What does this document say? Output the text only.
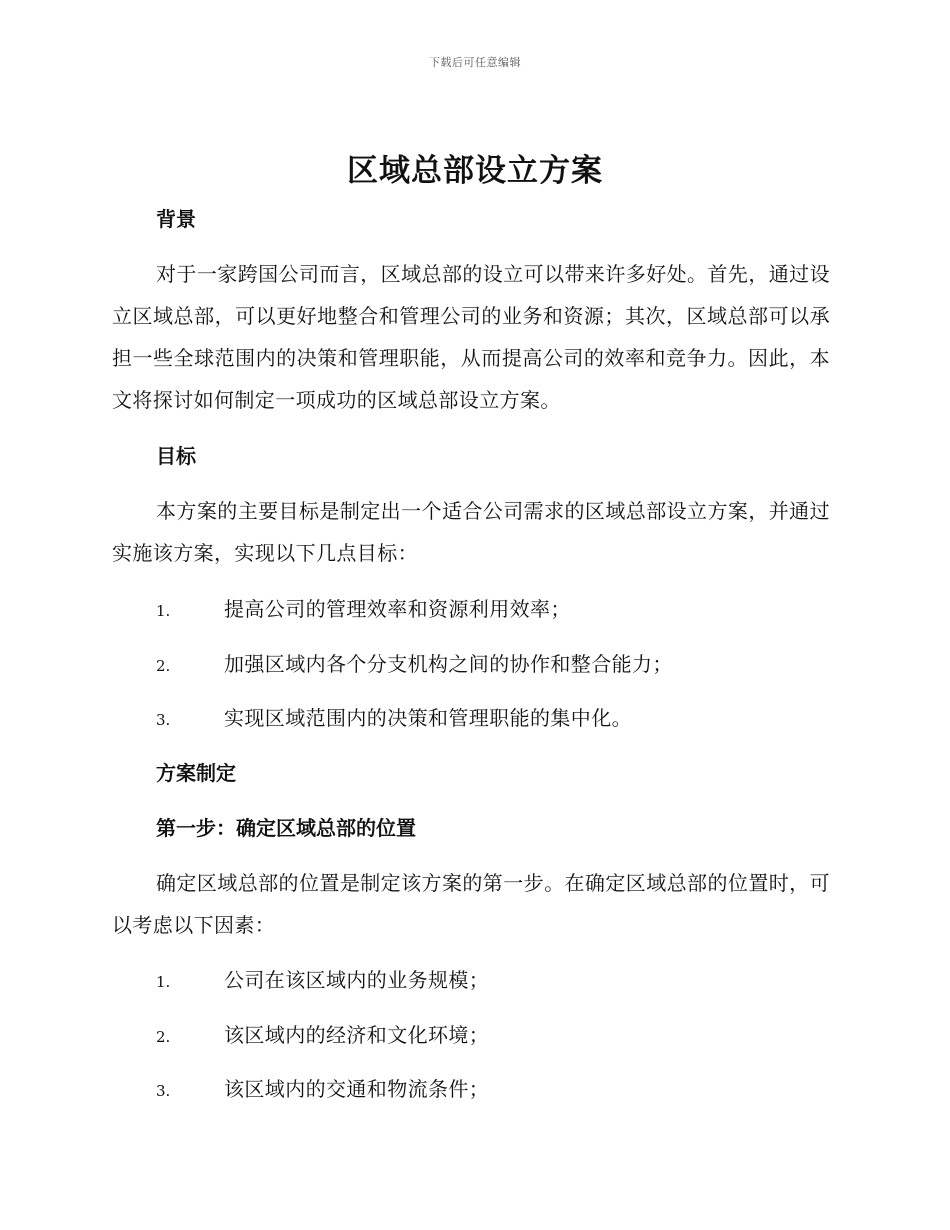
下载后可任意编辑
区域总部设立方案
背景

对于一家跨国公司而言，区域总部的设立可以带来许多好处。首先，通过设立区域总部，可以更好地整合和管理公司的业务和资源；其次，区域总部可以承担一些全球范围内的决策和管理职能，从而提高公司的效率和竞争力。因此，本文将探讨如何制定一项成功的区域总部设立方案。

目标

本方案的主要目标是制定出一个适合公司需求的区域总部设立方案，并通过实施该方案，实现以下几点目标：

1.	提高公司的管理效率和资源利用效率；
2.	加强区域内各个分支机构之间的协作和整合能力；
3.	实现区域范围内的决策和管理职能的集中化。
方案制定
第一步：确定区域总部的位置

确定区域总部的位置是制定该方案的第一步。在确定区域总部的位置时，可以考虑以下因素：

1.	公司在该区域内的业务规模；
2.	该区域内的经济和文化环境；
3.	该区域内的交通和物流条件；
